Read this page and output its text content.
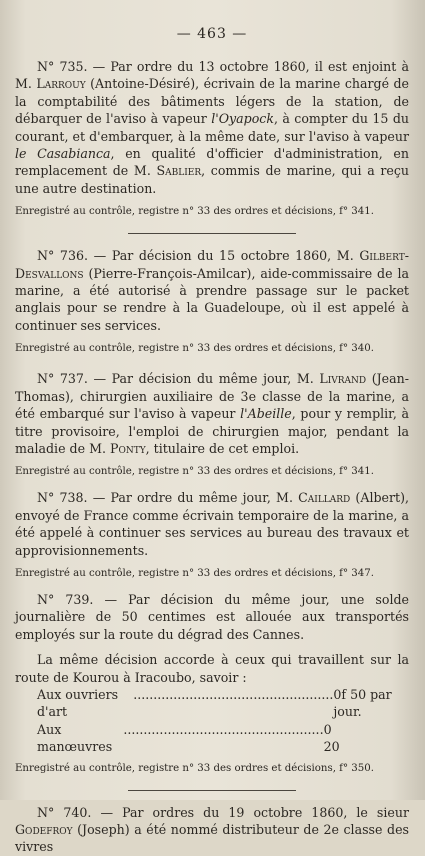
— 463 —

N° 735. — Par ordre du 13 octobre 1860, il est enjoint à M. Larrouy (Antoine-Désiré), écrivain de la marine chargé de la comptabilité des bâtiments légers de la station, de débarquer de l'aviso à vapeur l'Oyapock, à compter du 15 du courant, et d'embarquer, à la même date, sur l'aviso à vapeur le Casabianca, en qualité d'officier d'administration, en remplacement de M. Sablier, commis de marine, qui a reçu une autre destination.

Enregistré au contrôle, registre n° 33 des ordres et décisions, f° 341.

N° 736. — Par décision du 15 octobre 1860, M. Gilbert-Desvallons (Pierre-François-Amilcar), aide-commissaire de la marine, a été autorisé à prendre passage sur le packet anglais pour se rendre à la Guadeloupe, où il est appelé à continuer ses services.

Enregistré au contrôle, registre n° 33 des ordres et décisions, f° 340.

N° 737. — Par décision du même jour, M. Livrand (Jean-Thomas), chirurgien auxiliaire de 3e classe de la marine, a été embarqué sur l'aviso à vapeur l'Abeille, pour y remplir, à titre provisoire, l'emploi de chirurgien major, pendant la maladie de M. Ponty, titulaire de cet emploi.

Enregistré au contrôle, registre n° 33 des ordres et décisions, f° 341.

N° 738. — Par ordre du même jour, M. Caillard (Albert), envoyé de France comme écrivain temporaire de la marine, a été appelé à continuer ses services au bureau des travaux et approvisionnements.

Enregistré au contrôle, registre n° 33 des ordres et décisions, f° 347.

N° 739. — Par décision du même jour, une solde journalière de 50 centimes est allouée aux transportés employés sur la route du dégrad des Cannes.

La même décision accorde à ceux qui travaillent sur la route de Kourou à Iracoubo, savoir :

Aux ouvriers d'art
.................................................. 0f 50 par jour.
Aux manœuvres
.................................................. 0 20
Enregistré au contrôle, registre n° 33 des ordres et décisions, f° 350.

N° 740. — Par ordres du 19 octobre 1860, le sieur Godefroy (Joseph) a été nommé distributeur de 2e classe des vivres
